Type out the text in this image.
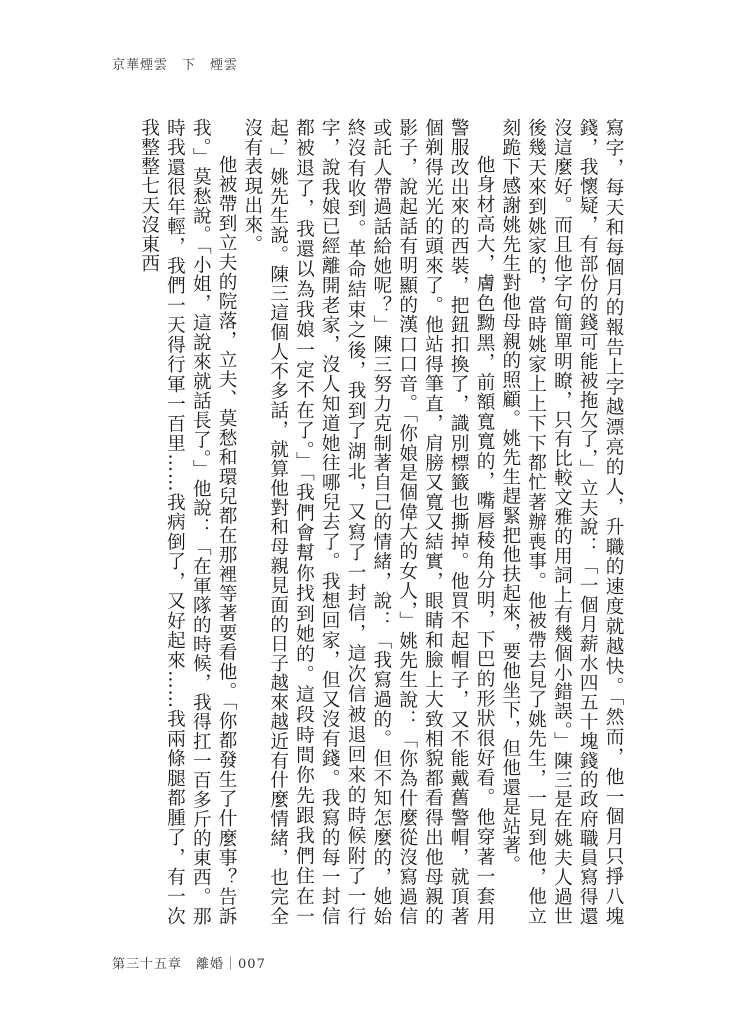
京華煙雲　下　煙雲

寫字，每天和每個月的報告上字越漂亮的人，升職的速度就越快。「然而，他一個月只掙八塊錢，我懷疑，有部份的錢可能被拖欠了，」立夫說：「一個月薪水四五十塊錢的政府職員寫得還沒這麼好。而且他字句簡單明瞭，只有比較文雅的用詞上有幾個小錯誤。」陳三是在姚夫人過世後幾天來到姚家的，當時姚家上上下下都忙著辦喪事。他被帶去見了姚先生，一見到他，他立刻跪下感謝姚先生對他母親的照顧。姚先生趕緊把他扶起來，要他坐下，但他還是站著。

他身材高大，膚色黝黑，前額寬寬的，嘴唇稜角分明，下巴的形狀很好看。他穿著一套用警服改出來的西裝，把鈕扣換了，識別標籤也撕掉。他買不起帽子，又不能戴舊警帽，就頂著個剃得光光的頭來了。他站得筆直，肩膀又寬又結實，眼睛和臉上大致相貌都看得出他母親的影子，說起話有明顯的漢口口音。「你娘是個偉大的女人，」姚先生說：「你為什麼從沒寫過信或託人帶過話給她呢？」陳三努力克制著自己的情緒，說：「我寫過的。但不知怎麼的，她始終沒有收到。革命結束之後，我到了湖北，又寫了一封信，這次信被退回來的時候附了一行字，說我娘已經離開老家，沒人知道她往哪兒去了。我想回家，但又沒有錢。我寫的每一封信都被退了，我還以為我娘一定不在了。」「我們會幫你找到她的。這段時間你先跟我們住在一起，」姚先生說。陳三這個人不多話，就算他對和母親見面的日子越來越近有什麼情緒，也完全沒有表現出來。

他被帶到立夫的院落，立夫、莫愁和環兒都在那裡等著要看他。「你都發生了什麼事？告訴我。」莫愁說。「小姐，這說來就話長了。」他說：「在軍隊的時候，我得扛一百多斤的東西。那時我還很年輕，我們一天得行軍一百里……我病倒了，又好起來……我兩條腿都腫了，有一次我整整七天沒東西

第三十五章　離婚｜007
